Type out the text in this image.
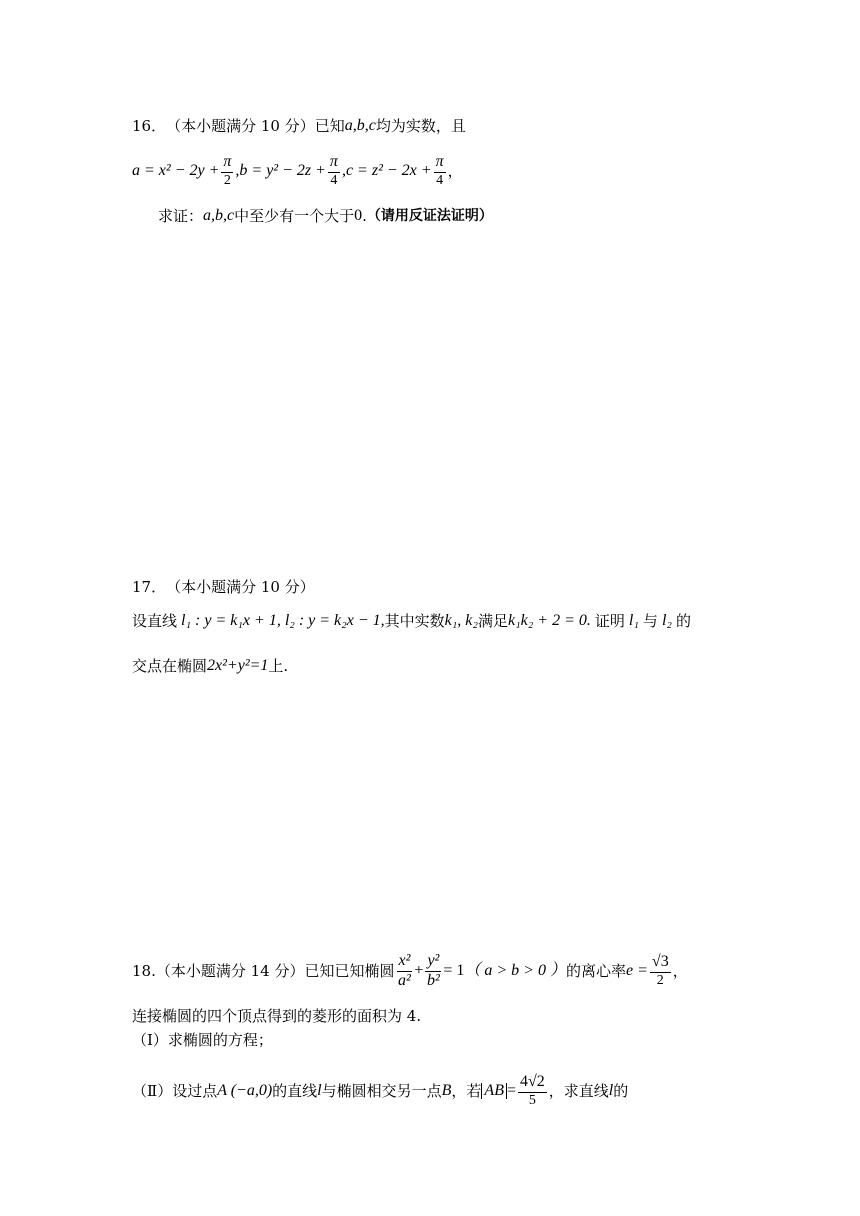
16． （本小题满分 10 分） 已知 a,b,c 均为实数，且
$a = x^2 - 2y + \frac{\pi}{2} ,b = y^2 - 2z + \frac{\pi}{4} ,c = z^2 - 2x + \frac{\pi}{4}$ ，
求证： a,b,c 中至少有一个大于 0 . （请用反证法证明）
17． （本小题满分 10 分）
设直线 l₁ : y = k₁x + 1, l₂ : y = k₂x − 1, 其中实数 k₁, k₂ 满足 k₁k₂ + 2 = 0. 证明 l₁ 与 l₂ 的
交点在椭圆 2x²+y²=1 上.
18. （本小题满分 14 分） 已知已知椭圆 $\frac{\text{x²}}{\text{a²}} + \frac{\text{y²}}{\text{b²}} = 1$ （ a > b > 0 ） 的离心率 $e = \frac{√3}{2}$ ，
连接椭圆的四个顶点得到的菱形的面积为 4.
（Ⅰ）求椭圆的方程；
（Ⅱ）设过点 A (−a,0) 的直线 l 与椭圆相交另一点 B ，若 AB = $\frac{4√2}{5}$ ，求直线 l 的
